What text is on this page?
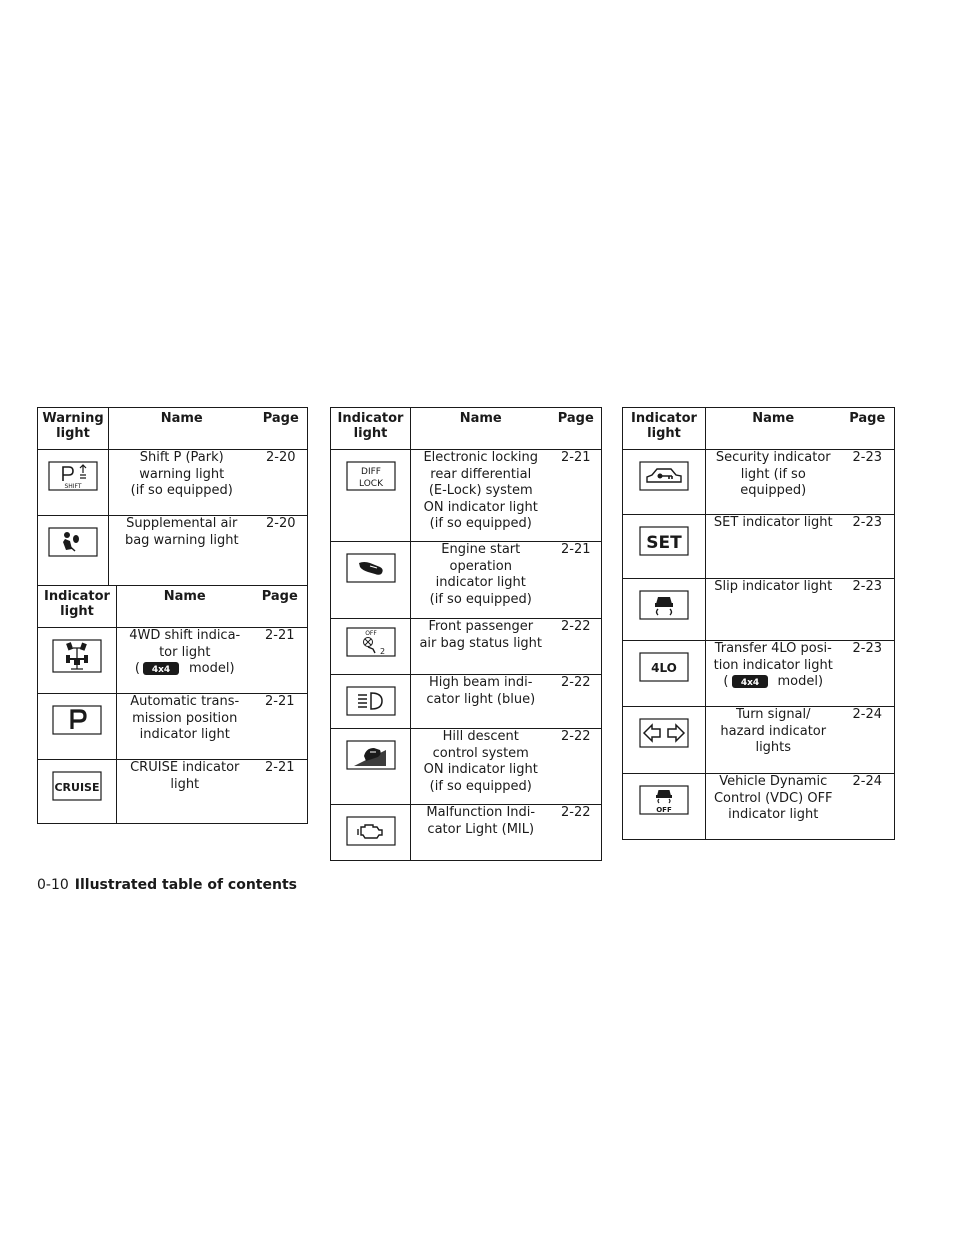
Warning
light	Name	Page

SHIFT	Shift P (Park)
warning light
(if so equipped)	2-20

Supplemental air
bag warning light	2-20
Indicator
light	Name	Page

4WD shift indica-
tor light
( 4x4 model)	2-21

Automatic trans-
mission position
indicator light	2-21

CRUISE	CRUISE indicator
light	2-21
Indicator
light	Name	Page

DIFF
LOCK	Electronic locking
rear differential
(E-Lock) system
ON indicator light
(if so equipped)	2-21

Engine start
operation
indicator light
(if so equipped)	2-21

OFF
2	Front passenger
air bag status light	2-22

High beam indi-
cator light (blue)	2-22

Hill descent
control system
ON indicator light
(if so equipped)	2-22

Malfunction Indi-
cator Light (MIL)	2-22
Indicator
light	Name	Page

Security indicator
light (if so
equipped)	2-23

SET	SET indicator light	2-23

Slip indicator light	2-23

4LO	Transfer 4LO posi-
tion indicator light
( 4x4 model)	2-23

Turn signal/
hazard indicator
lights	2-24

OFF	Vehicle Dynamic
Control (VDC) OFF
indicator light	2-24
0-10 Illustrated table of contents
